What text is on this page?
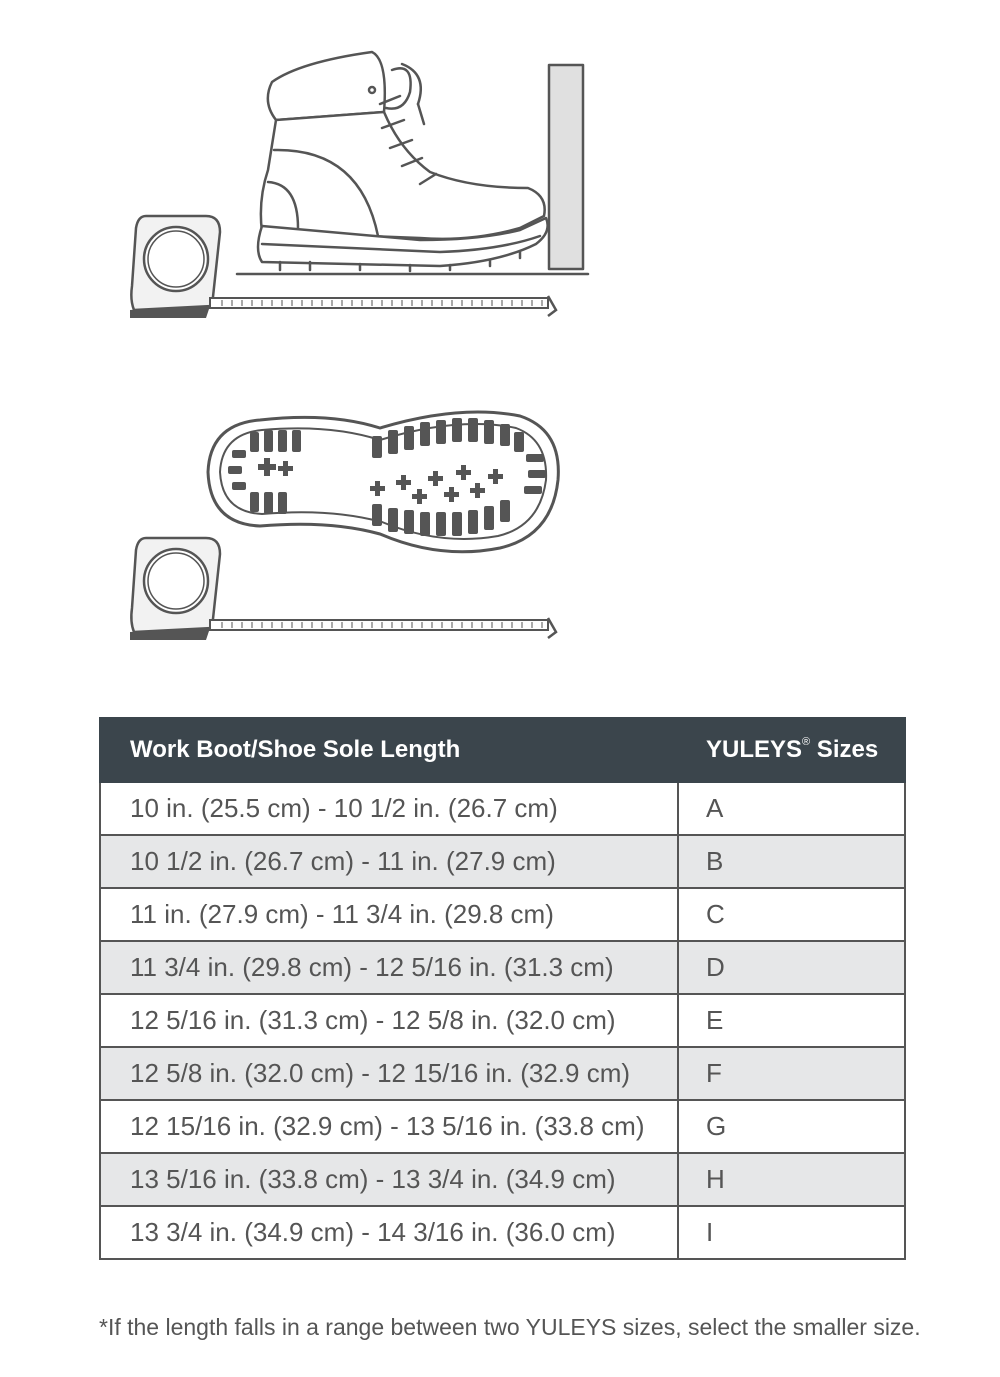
Work Boot/Shoe Sole Length	YULEYS® Sizes
10 in. (25.5 cm) - 10 1/2 in. (26.7 cm)	A
10 1/2 in. (26.7 cm) - 11 in. (27.9 cm)	B
11 in. (27.9 cm) - 11 3/4 in. (29.8 cm)	C
11 3/4 in. (29.8 cm) - 12 5/16 in. (31.3 cm)	D
12 5/16 in. (31.3 cm) - 12 5/8 in. (32.0 cm)	E
12 5/8 in. (32.0 cm) - 12 15/16 in. (32.9 cm)	F
12 15/16 in. (32.9 cm) - 13 5/16 in. (33.8 cm)	G
13 5/16 in. (33.8 cm) - 13 3/4 in. (34.9 cm)	H
13 3/4 in. (34.9 cm) - 14 3/16 in. (36.0 cm)	I
*If the length falls in a range between two YULEYS sizes, select the smaller size.
